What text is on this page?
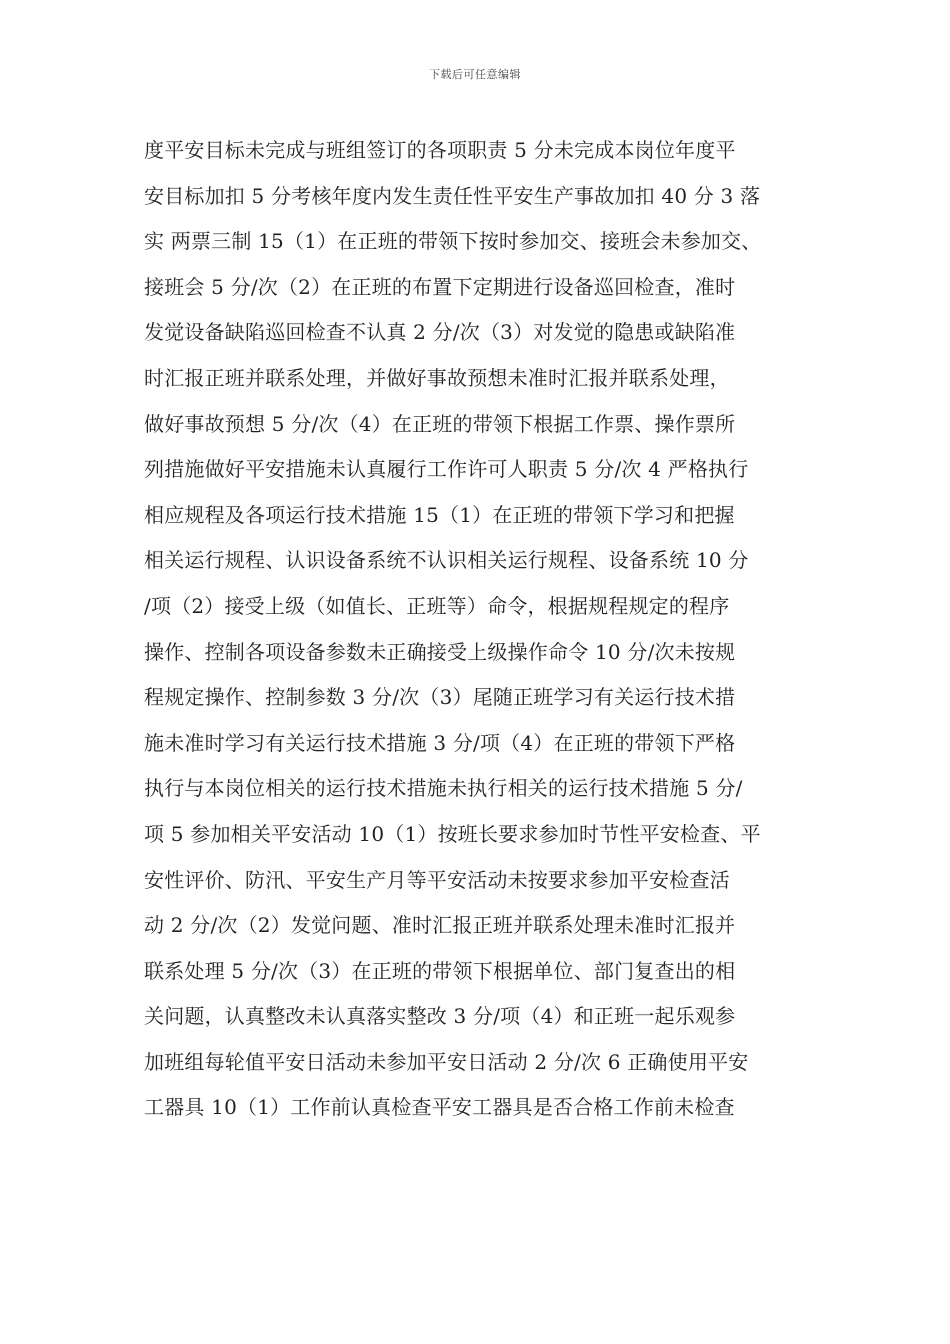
下载后可任意编辑
度平安目标未完成与班组签订的各项职责 5 分未完成本岗位年度平
安目标加扣 5 分考核年度内发生责任性平安生产事故加扣 40 分 3 落
实 两票三制 15（1）在正班的带领下按时参加交、接班会未参加交、
接班会 5 分/次（2）在正班的布置下定期进行设备巡回检查，准时
发觉设备缺陷巡回检查不认真 2 分/次（3）对发觉的隐患或缺陷准
时汇报正班并联系处理，并做好事故预想未准时汇报并联系处理，
做好事故预想 5 分/次（4）在正班的带领下根据工作票、操作票所
列措施做好平安措施未认真履行工作许可人职责 5 分/次 4 严格执行
相应规程及各项运行技术措施 15（1）在正班的带领下学习和把握
相关运行规程、认识设备系统不认识相关运行规程、设备系统 10 分
/项（2）接受上级（如值长、正班等）命令，根据规程规定的程序
操作、控制各项设备参数未正确接受上级操作命令 10 分/次未按规
程规定操作、控制参数 3 分/次（3）尾随正班学习有关运行技术措
施未准时学习有关运行技术措施 3 分/项（4）在正班的带领下严格
执行与本岗位相关的运行技术措施未执行相关的运行技术措施 5 分/
项 5 参加相关平安活动 10（1）按班长要求参加时节性平安检查、平
安性评价、防汛、平安生产月等平安活动未按要求参加平安检查活
动 2 分/次（2）发觉问题、准时汇报正班并联系处理未准时汇报并
联系处理 5 分/次（3）在正班的带领下根据单位、部门复查出的相
关问题，认真整改未认真落实整改 3 分/项（4）和正班一起乐观参
加班组每轮值平安日活动未参加平安日活动 2 分/次 6 正确使用平安
工器具 10（1）工作前认真检查平安工器具是否合格工作前未检查
